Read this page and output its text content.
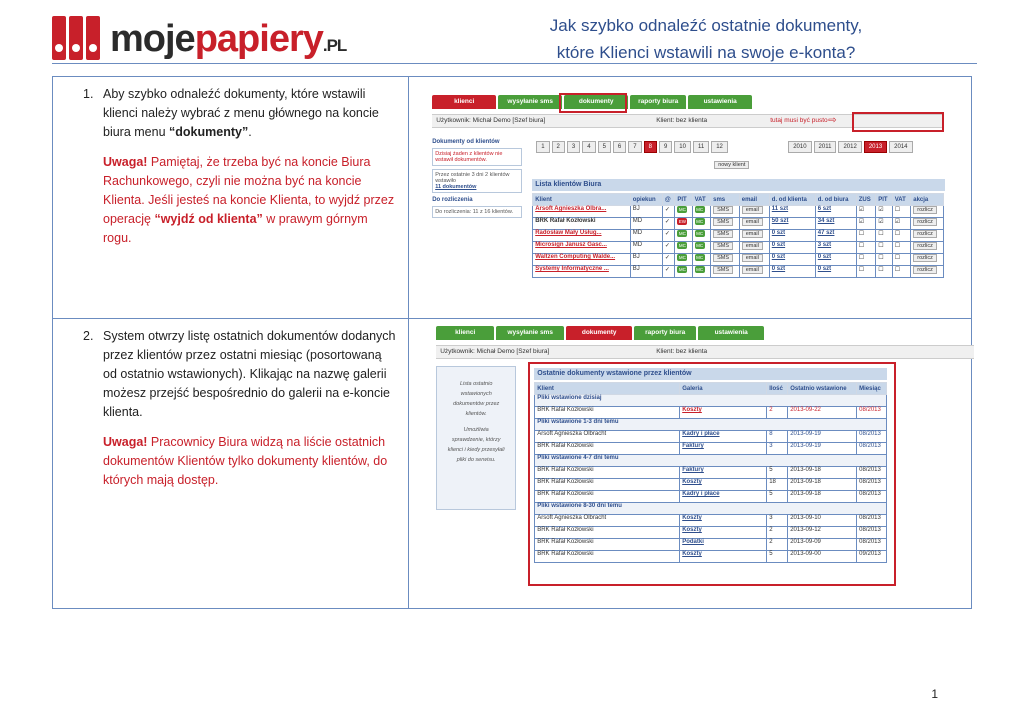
mojepapiery.PL
Jak szybko odnaleźć ostatnie dokumenty,
które Klienci wstawili na swoje e-konta?
1. Aby szybko odnaleźć dokumenty, które wstawili klienci należy wybrać z menu głównego na koncie biura menu “dokumenty”.
Uwaga! Pamiętaj, że trzeba być na koncie Biura Rachunkowego, czyli nie można być na koncie Klienta. Jeśli jesteś na koncie Klienta, to wyjdź przez operację “wyjdź od klienta” w prawym górnym rogu.

klienci	wysyłanie sms	dokumenty	raporty biura	ustawienia
Użytkownik: Michał Demo [Szef biura]	Klient: bez klienta	tutaj musi być pusto ⇨
Dokumenty od klientów
Dzisiaj żaden z klientów nie wstawił dokumentów.
Przez ostatnie 3 dni 2 klientów wstawiło
11 dokumentów
Do rozliczenia
Do rozliczenia: 11 z 16 klientów.
1	2	3	4	5	6	7	8	9	10	11	12	2010	2011	2012	2013	2014
nowy klient
Lista klientów Biura
Klient	opiekun	@	PIT	VAT	sms	email	d. od klienta	d. od biura	ZUS	PIT	VAT	akcja
Arsoft Agnieszka Olbra...	BJ	✓	MC	MC	SMS	email	11 szt	6 szt	☑	☑	☐	rozlicz
BRK Rafał Kozłowski	MD	✓	EW	MC	SMS	email	50 szt	34 szt	☑	☑	☑	rozlicz
Radosław Mały Usług...	MD	✓	MC	MC	SMS	email	0 szt	47 szt	☐	☐	☐	rozlicz
Microsign Janusz Gasc...	MD	✓	MC	MC	SMS	email	0 szt	3 szt	☐	☐	☐	rozlicz
Waltzen Computing Walde...	BJ	✓	MC	MC	SMS	email	0 szt	0 szt	☐	☐	☐	rozlicz
Systemy Informatyczne ...	BJ	✓	MC	MC	SMS	email	0 szt	0 szt	☐	☐	☐	rozlicz

2. System otwrzy listę ostatnich dokumentów dodanych przez klientów przez ostatni miesiąc (posortowaną od ostatnio wstawionych). Klikając na nazwę galerii możesz przejść bespośrednio do galerii na e-koncie klienta.
Uwaga! Pracownicy Biura widzą na liście ostatnich dokumentów Klientów tylko dokumenty klientów, do których mają dostęp.

klienci	wysyłanie sms	dokumenty	raporty biura	ustawienia
Użytkownik: Michał Demo [Szef biura]	Klient: bez klienta
Lista ostatnio wstawionych dokumentów przez klientów.
Umożliwia sprawdzenie, którzy klienci i kiedy przesyłali pliki do serwisu.
Ostatnie dokumenty wstawione przez klientów
Klient	Galeria	Ilość	Ostatnio wstawione	Miesiąc
Pliki wstawione dzisiaj
BRK Rafał Kozłowski	Koszty	2	2013-09-22	08/2013
Pliki wstawione 1-3 dni temu
Arsoft Agnieszka Olbracht	Kadry i płace	8	2013-09-19	08/2013
BRK Rafał Kozłowski	Faktury	3	2013-09-19	08/2013
Pliki wstawione 4-7 dni temu
BRK Rafał Kozłowski	Faktury	5	2013-09-18	08/2013
BRK Rafał Kozłowski	Koszty	18	2013-09-18	08/2013
BRK Rafał Kozłowski	Kadry i płace	5	2013-09-18	08/2013
Pliki wstawione 8-30 dni temu
Arsoft Agnieszka Olbracht	Koszty	3	2013-09-10	08/2013
BRK Rafał Kozłowski	Koszty	2	2013-09-12	08/2013
BRK Rafał Kozłowski	Podatki	2	2013-09-09	08/2013
BRK Rafał Kozłowski	Koszty	5	2013-09-00	09/2013
1
